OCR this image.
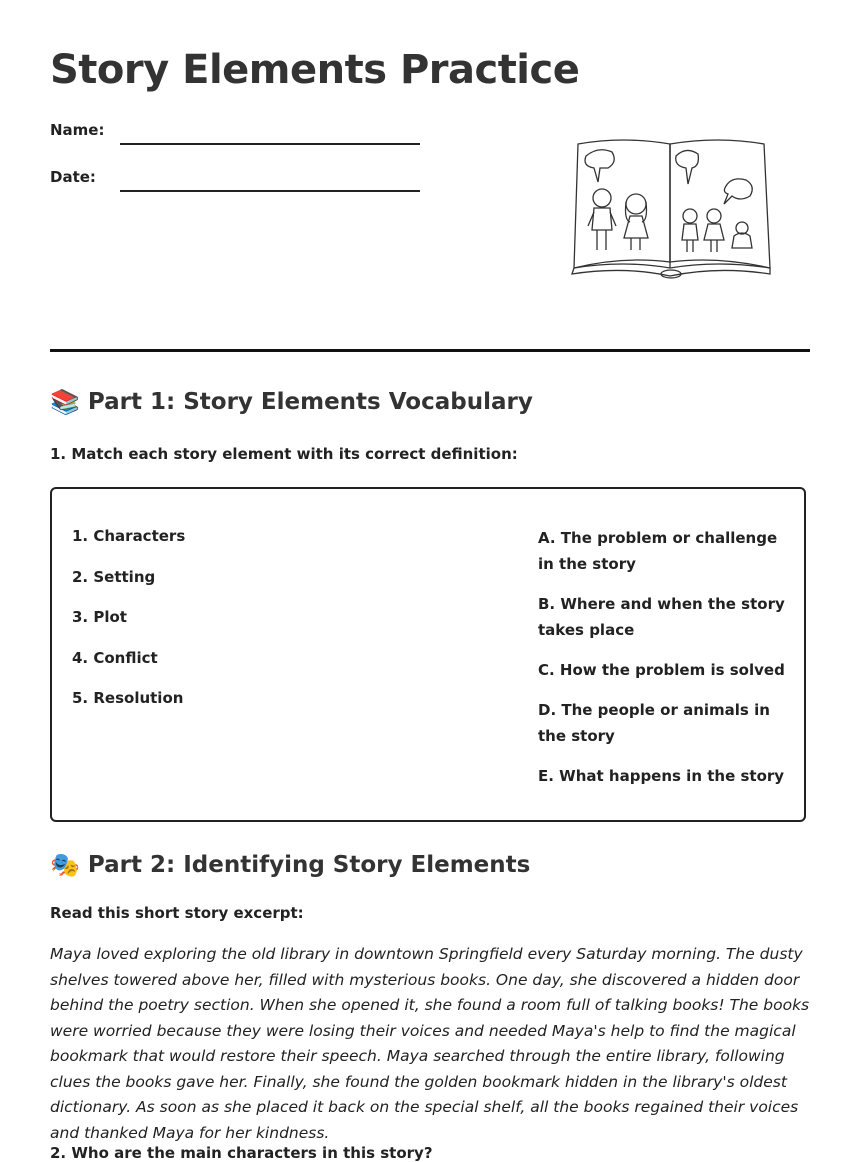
Story Elements Practice
Name:
Date:
📚 Part 1: Story Elements Vocabulary

1. Match each story element with its correct definition:

1. Characters
2. Setting
3. Plot
4. Conflict
5. Resolution
A. The problem or challenge in the story
B. Where and when the story takes place
C. How the problem is solved
D. The people or animals in the story
E. What happens in the story
🎭 Part 2: Identifying Story Elements

Read this short story excerpt:

Maya loved exploring the old library in downtown Springfield every Saturday morning. The dusty shelves towered above her, filled with mysterious books. One day, she discovered a hidden door behind the poetry section. When she opened it, she found a room full of talking books! The books were worried because they were losing their voices and needed Maya's help to find the magical bookmark that would restore their speech. Maya searched through the entire library, following clues the books gave her. Finally, she found the golden bookmark hidden in the library's oldest dictionary. As soon as she placed it back on the special shelf, all the books regained their voices and thanked Maya for her kindness.

2. Who are the main characters in this story?
